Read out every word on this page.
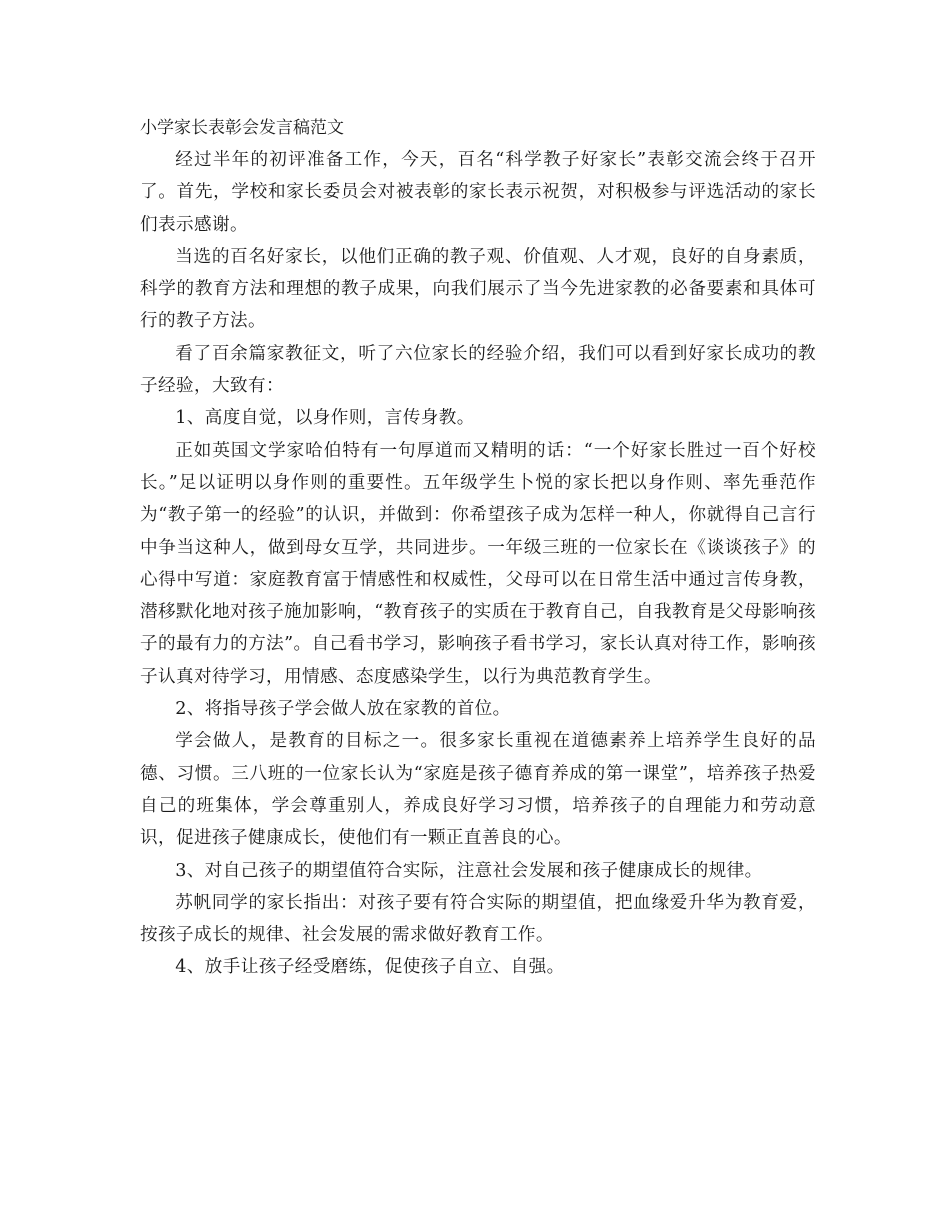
小学家长表彰会发言稿范文

经过半年的初评准备工作，今天，百名“科学教子好家长”表彰交流会终于召开了。首先，学校和家长委员会对被表彰的家长表示祝贺，对积极参与评选活动的家长们表示感谢。

当选的百名好家长，以他们正确的教子观、价值观、人才观，良好的自身素质，科学的教育方法和理想的教子成果，向我们展示了当今先进家教的必备要素和具体可行的教子方法。

看了百余篇家教征文，听了六位家长的经验介绍，我们可以看到好家长成功的教子经验，大致有：

1、高度自觉，以身作则，言传身教。

正如英国文学家哈伯特有一句厚道而又精明的话：“一个好家长胜过一百个好校长。”足以证明以身作则的重要性。五年级学生卜悦的家长把以身作则、率先垂范作为“教子第一的经验”的认识，并做到：你希望孩子成为怎样一种人，你就得自己言行中争当这种人，做到母女互学，共同进步。一年级三班的一位家长在《谈谈孩子》的心得中写道：家庭教育富于情感性和权威性，父母可以在日常生活中通过言传身教，潜移默化地对孩子施加影响，“教育孩子的实质在于教育自己，自我教育是父母影响孩子的最有力的方法”。自己看书学习，影响孩子看书学习，家长认真对待工作，影响孩子认真对待学习，用情感、态度感染学生，以行为典范教育学生。

2、将指导孩子学会做人放在家教的首位。

学会做人，是教育的目标之一。很多家长重视在道德素养上培养学生良好的品德、习惯。三八班的一位家长认为“家庭是孩子德育养成的第一课堂”，培养孩子热爱自己的班集体，学会尊重别人，养成良好学习习惯，培养孩子的自理能力和劳动意识，促进孩子健康成长，使他们有一颗正直善良的心。

3、对自己孩子的期望值符合实际，注意社会发展和孩子健康成长的规律。

苏帆同学的家长指出：对孩子要有符合实际的期望值，把血缘爱升华为教育爱，按孩子成长的规律、社会发展的需求做好教育工作。

4、放手让孩子经受磨练，促使孩子自立、自强。
